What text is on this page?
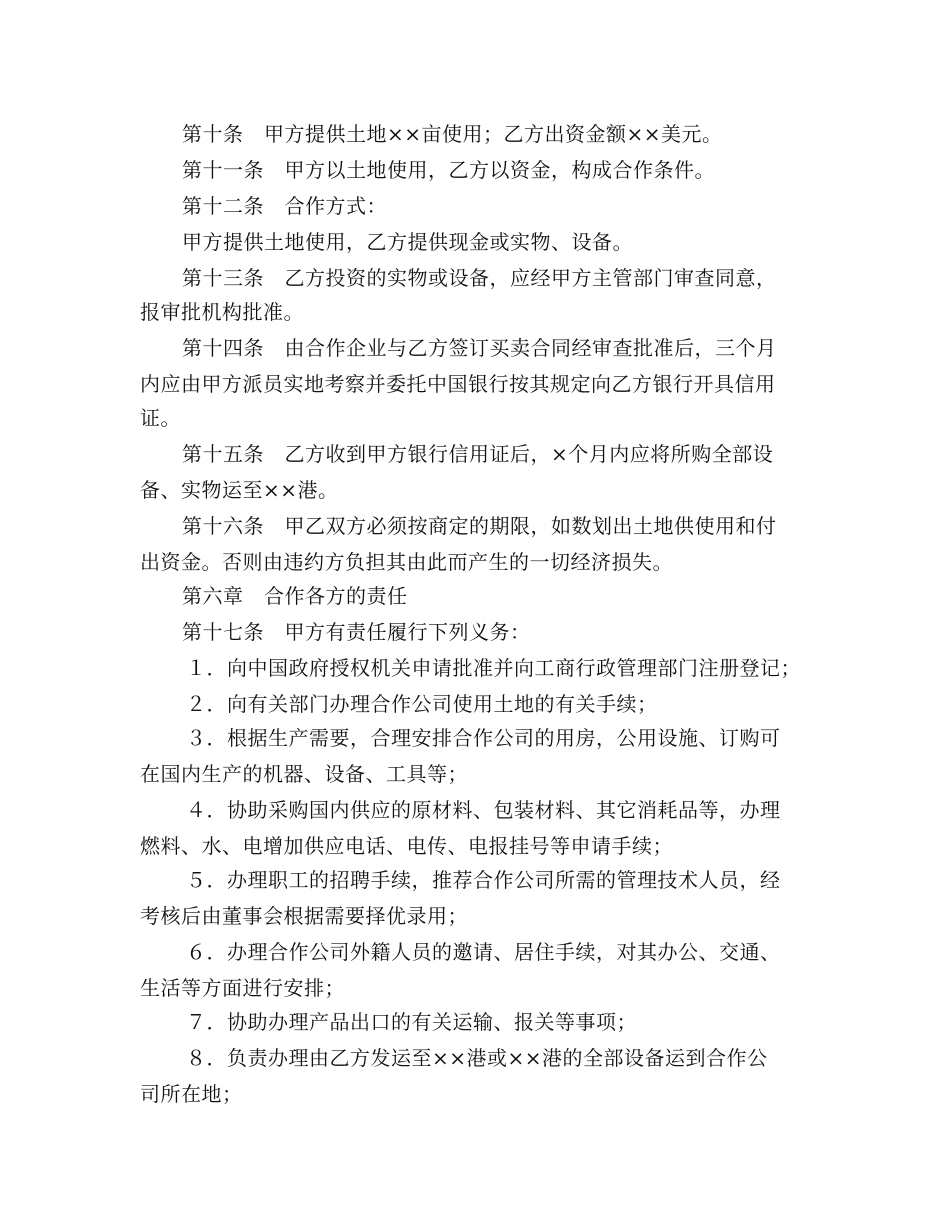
第十条　甲方提供土地××亩使用；乙方出资金额××美元。
第十一条　甲方以土地使用，乙方以资金，构成合作条件。
第十二条　合作方式：
甲方提供土地使用，乙方提供现金或实物、设备。
第十三条　乙方投资的实物或设备，应经甲方主管部门审查同意，
报审批机构批准。
第十四条　由合作企业与乙方签订买卖合同经审查批准后，三个月
内应由甲方派员实地考察并委托中国银行按其规定向乙方银行开具信用
证。
第十五条　乙方收到甲方银行信用证后，×个月内应将所购全部设
备、实物运至××港。
第十六条　甲乙双方必须按商定的期限，如数划出土地供使用和付
出资金。否则由违约方负担其由此而产生的一切经济损失。
第六章　合作各方的责任
第十七条　甲方有责任履行下列义务：
１．向中国政府授权机关申请批准并向工商行政管理部门注册登记；
２．向有关部门办理合作公司使用土地的有关手续；
３．根据生产需要，合理安排合作公司的用房，公用设施、订购可
在国内生产的机器、设备、工具等；
４．协助采购国内供应的原材料、包装材料、其它消耗品等，办理
燃料、水、电增加供应电话、电传、电报挂号等申请手续；
５．办理职工的招聘手续，推荐合作公司所需的管理技术人员，经
考核后由董事会根据需要择优录用；
６．办理合作公司外籍人员的邀请、居住手续，对其办公、交通、
生活等方面进行安排；
７．协助办理产品出口的有关运输、报关等事项；
８．负责办理由乙方发运至××港或××港的全部设备运到合作公
司所在地；
